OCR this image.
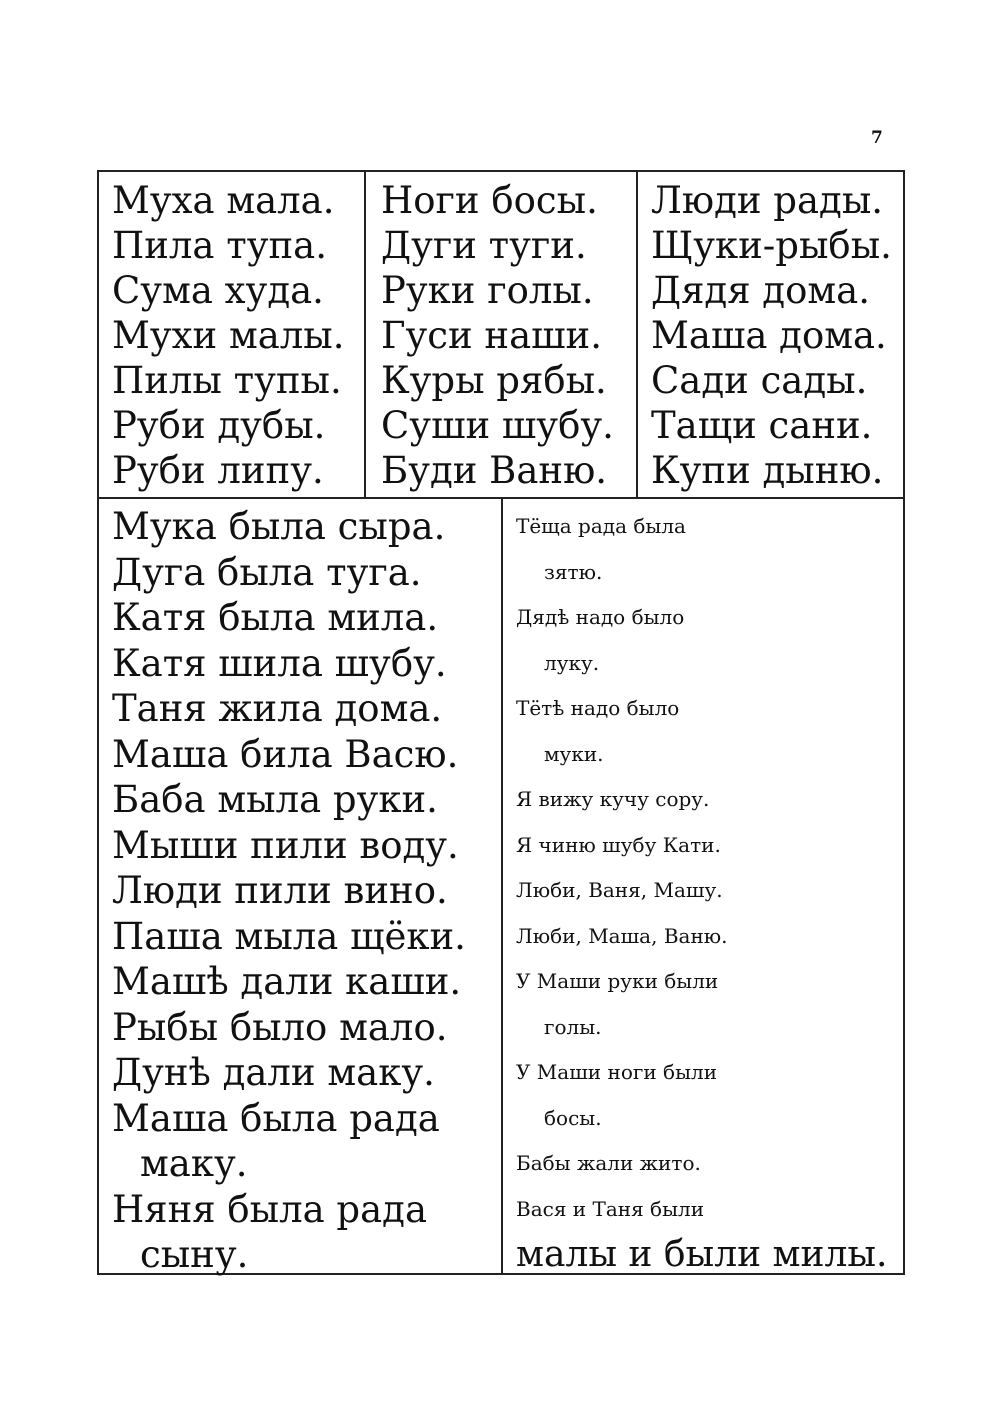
7
Муха мала.
Пила тупа.
Сума худа.
Мухи малы.
Пилы тупы.
Руби дубы.
Руби липу.
Ноги босы.
Дуги туги.
Руки голы.
Гуси наши.
Куры рябы.
Суши шубу.
Буди Ваню.
Люди рады.
Щуки-рыбы.
Дядя дома.
Маша дома.
Сади сады.
Тащи сани.
Купи дыню.
Мука была сыра.
Дуга была туга.
Катя была мила.
Катя шила шубу.
Таня жила дома.
Маша била Васю.
Баба мыла руки.
Мыши пили воду.
Люди пили вино.
Паша мыла щёки.
Машѣ дали каши.
Рыбы было мало.
Дунѣ дали маку.
Маша была рада
маку.
Няня была рада
сыну.
Тёща рада была
зятю.
Дядѣ надо было
луку.
Тётѣ надо было
муки.
Я вижу кучу сору.
Я чиню шубу Кати.
Люби, Ваня, Машу.
Люби, Маша, Ваню.
У Маши руки были
голы.
У Маши ноги были
босы.
Бабы жали жито.
Вася и Таня были
малы и были милы.
